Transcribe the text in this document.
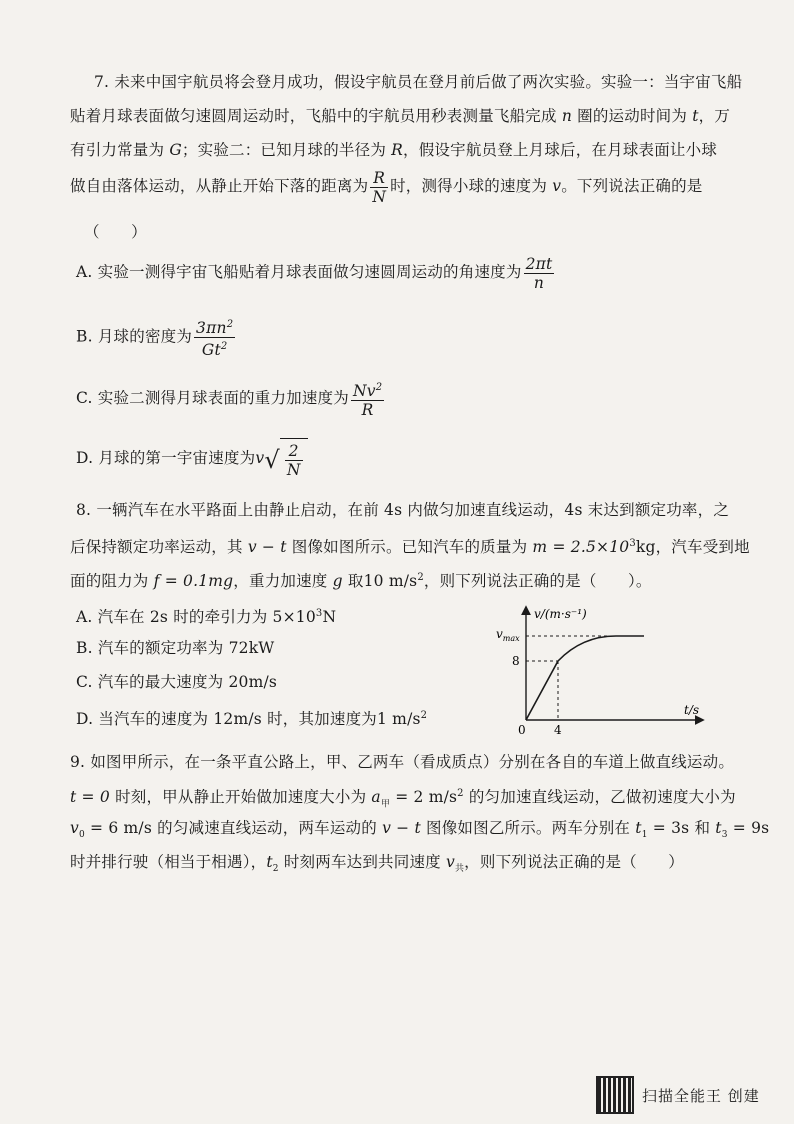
7. 未来中国宇航员将会登月成功，假设宇航员在登月前后做了两次实验。实验一：当宇宙飞船
贴着月球表面做匀速圆周运动时，飞船中的宇航员用秒表测量飞船完成 n 圈的运动时间为 t，万
有引力常量为 G；实验二：已知月球的半径为 R，假设宇航员登上月球后，在月球表面让小球
做自由落体运动，从静止开始下落的距离为 $\frac{R}{N}$ 时，测得小球的速度为 v。下列说法正确的是
（　　）
A. 实验一测得宇宙飞船贴着月球表面做匀速圆周运动的角速度为 $\frac{2\pi t}{n}$
B. 月球的密度为 $\frac{3\pi n^2}{Gt^2}$
C. 实验二测得月球表面的重力加速度为 $\frac{Nv^2}{R}$
D. 月球的第一宇宙速度为$v√ \frac{2}{N}$
8. 一辆汽车在水平路面上由静止启动，在前 4s 内做匀加速直线运动，4s 末达到额定功率，之
后保持额定功率运动，其 v − t 图像如图所示。已知汽车的质量为 $m = 2.5\times 10^3kg$，汽车受到地
面的阻力为 f = 0.1mg，重力加速度 g 取10 $m/s^2$，则下列说法正确的是（　　）。
A. 汽车在 2s 时的牵引力为 $5\times 10^3N$
B. 汽车的额定功率为 72kW
C. 汽车的最大速度为 20m/s
D. 当汽车的速度为 12m/s 时，其加速度为1 $m/s^2$
v/(m·s⁻¹)
t/s
$v_{max}$
8
0 4
9. 如图甲所示，在一条平直公路上，甲、乙两车（看成质点）分别在各自的车道上做直线运动。
t = 0 时刻，甲从静止开始做加速度大小为 $a_甲 = 2$ $m/s^2$ 的匀加速直线运动，乙做初速度大小为
$v_0 = 6$ m/s 的匀减速直线运动，两车运动的 v − t 图像如图乙所示。两车分别在 $t_1 = 3s$ 和 $t_3 = 9s$
时并排行驶（相当于相遇），$t_2$ 时刻两车达到共同速度 $v_共$，则下列说法正确的是（　　）
扫描全能王 创建
